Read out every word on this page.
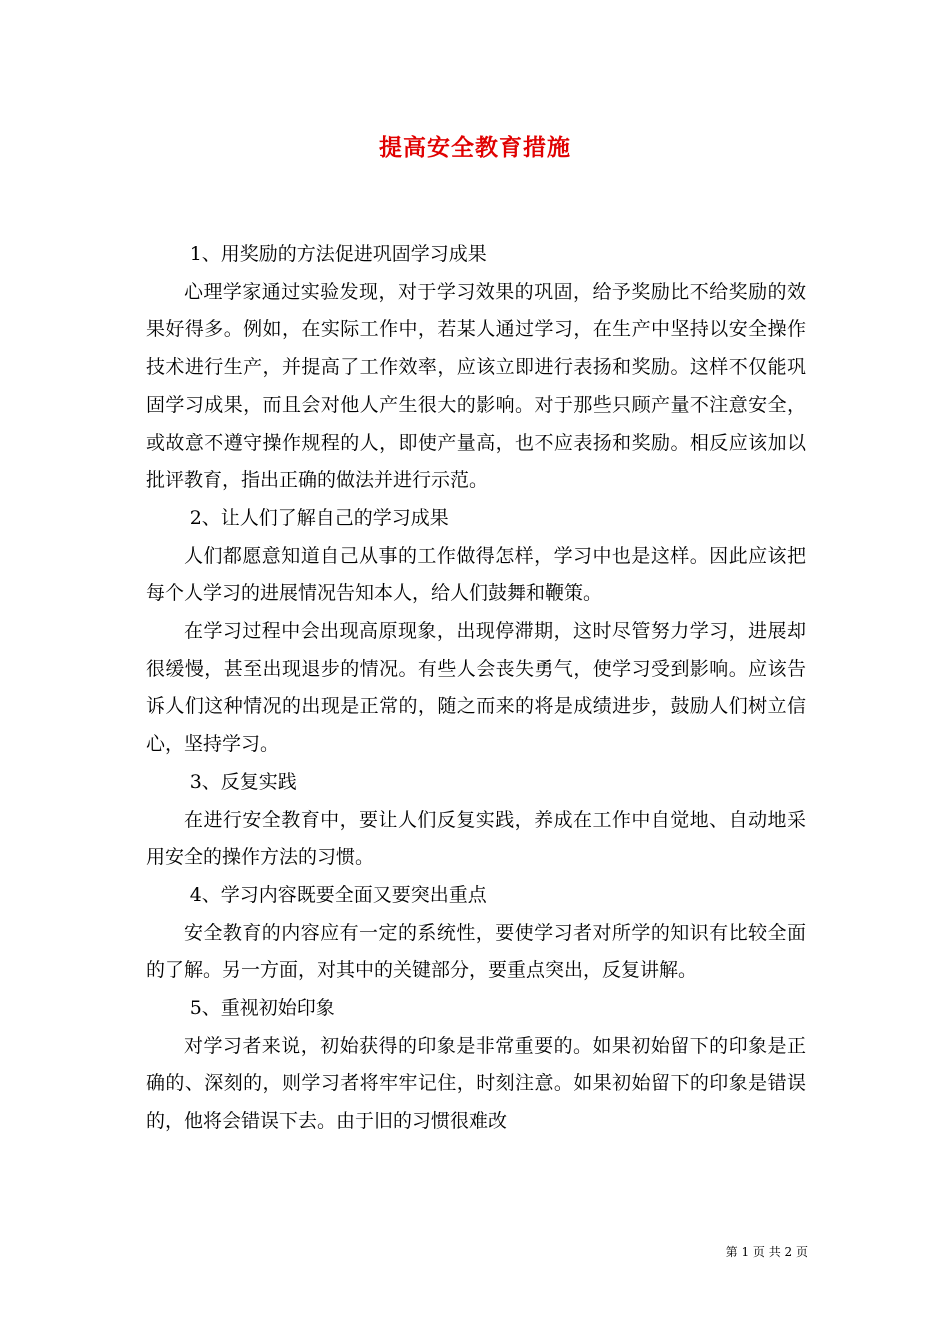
提高安全教育措施

1、用奖励的方法促进巩固学习成果

心理学家通过实验发现，对于学习效果的巩固，给予奖励比不给奖励的效果好得多。例如，在实际工作中，若某人通过学习，在生产中坚持以安全操作技术进行生产，并提高了工作效率，应该立即进行表扬和奖励。这样不仅能巩固学习成果，而且会对他人产生很大的影响。对于那些只顾产量不注意安全，或故意不遵守操作规程的人，即使产量高，也不应表扬和奖励。相反应该加以批评教育，指出正确的做法并进行示范。

2、让人们了解自己的学习成果

人们都愿意知道自己从事的工作做得怎样，学习中也是这样。因此应该把每个人学习的进展情况告知本人，给人们鼓舞和鞭策。

在学习过程中会出现高原现象，出现停滞期，这时尽管努力学习，进展却很缓慢，甚至出现退步的情况。有些人会丧失勇气，使学习受到影响。应该告诉人们这种情况的出现是正常的，随之而来的将是成绩进步，鼓励人们树立信心，坚持学习。

3、反复实践

在进行安全教育中，要让人们反复实践，养成在工作中自觉地、自动地采用安全的操作方法的习惯。

4、学习内容既要全面又要突出重点

安全教育的内容应有一定的系统性，要使学习者对所学的知识有比较全面的了解。另一方面，对其中的关键部分，要重点突出，反复讲解。

5、重视初始印象

对学习者来说，初始获得的印象是非常重要的。如果初始留下的印象是正确的、深刻的，则学习者将牢牢记住，时刻注意。如果初始留下的印象是错误的，他将会错误下去。由于旧的习惯很难改

第 1 页 共 2 页
